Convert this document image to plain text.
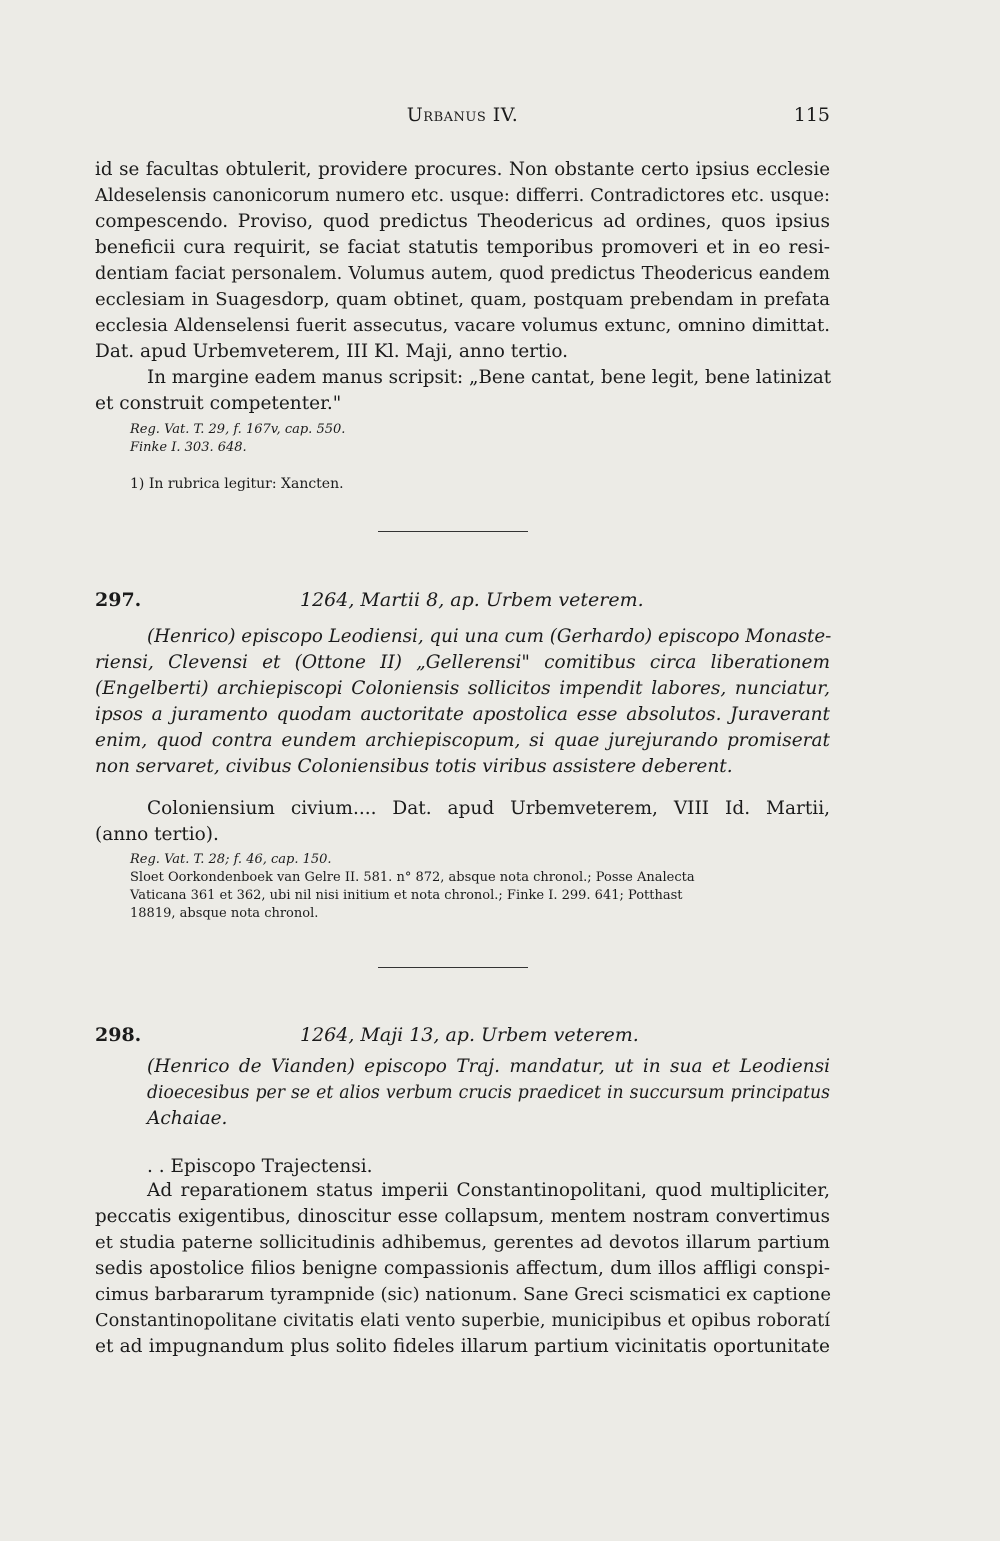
Urbanus IV.	115
id se facultas obtulerit, providere procures. Non obstante certo ipsius ecclesie
Aldeselensis canonicorum numero etc. usque: differri. Contradictores etc. usque:
compescendo. Proviso, quod predictus Theodericus ad ordines, quos ipsius
beneficii cura requirit, se faciat statutis temporibus promoveri et in eo resi-
dentiam faciat personalem. Volumus autem, quod predictus Theodericus eandem
ecclesiam in Suagesdorp, quam obtinet, quam, postquam prebendam in prefata
ecclesia Aldenselensi fuerit assecutus, vacare volumus extunc, omnino dimittat.
Dat. apud Urbemveterem, III Kl. Maji, anno tertio.
In margine eadem manus scripsit: „Bene cantat, bene legit, bene latinizat
et construit competenter."
Reg. Vat. T. 29, f. 167v, cap. 550.
Finke I. 303. 648.
1) In rubrica legitur: Xancten.
297.	1264, Martii 8, ap. Urbem veterem.
(Henrico) episcopo Leodiensi, qui una cum (Gerhardo) episcopo Monaste-
riensi, Clevensi et (Ottone II) „Gellerensi" comitibus circa liberationem
(Engelberti) archiepiscopi Coloniensis sollicitos impendit labores, nunciatur,
ipsos a juramento quodam auctoritate apostolica esse absolutos. Juraverant
enim, quod contra eundem archiepiscopum, si quae jurejurando promiserat
non servaret, civibus Coloniensibus totis viribus assistere deberent.
Coloniensium civium.... Dat. apud Urbemveterem, VIII Id. Martii,
(anno tertio).
Reg. Vat. T. 28; f. 46, cap. 150.
Sloet Oorkondenboek van Gelre II. 581. n° 872, absque nota chronol.; Posse Analecta
Vaticana 361 et 362, ubi nil nisi initium et nota chronol.; Finke I. 299. 641; Potthast
18819, absque nota chronol.
298.	1264, Maji 13, ap. Urbem veterem.
(Henrico de Vianden) episcopo Traj. mandatur, ut in sua et Leodiensi
dioecesibus per se et alios verbum crucis praedicet in succursum principatus
Achaiae.
. . Episcopo Trajectensi.
Ad reparationem status imperii Constantinopolitani, quod multipliciter,
peccatis exigentibus, dinoscitur esse collapsum, mentem nostram convertimus
et studia paterne sollicitudinis adhibemus, gerentes ad devotos illarum partium
sedis apostolice filios benigne compassionis affectum, dum illos affligi conspi-
cimus barbararum tyrampnide (sic) nationum. Sane Greci scismatici ex captione
Constantinopolitane civitatis elati vento superbie, municipibus et opibus roboratí
et ad impugnandum plus solito fideles illarum partium vicinitatis oportunitate
